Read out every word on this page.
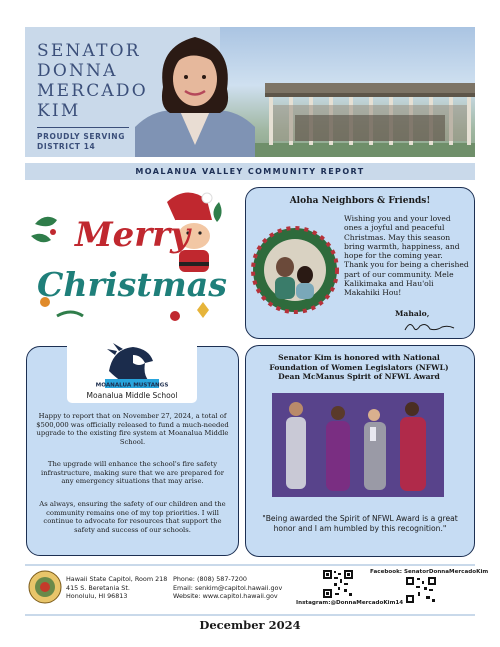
SENATOR
DONNA
MERCADO
KIM
PROUDLY SERVING
DISTRICT 14
MOALANUA VALLEY COMMUNITY REPORT
Merry
Christmas
Aloha Neighbors & Friends!
Wishing you and your loved ones a joyful and peaceful Christmas. May this season bring warmth, happiness, and hope for the coming year. Thank you for being a cherished part of our community. Mele Kalikimaka and Hau'oli Makahiki Hou!
Mahalo,
MOANALUA MUSTANGS
Moanalua Middle School
Happy to report that on November 27, 2024, a total of $500,000 was officially released to fund a much-needed upgrade to the existing fire system at Moanalua Middle School.
The upgrade will enhance the school's fire safety infrastructure, making sure that we are prepared for any emergency situations that may arise.
As always, ensuring the safety of our children and the community remains one of my top priorities. I will continue to advocate for resources that support the safety and success of our schools.
Senator Kim is honored with National
Foundation of Women Legislators (NFWL)
Dean McManus Spirit of NFWL Award
"Being awarded the Spirit of NFWL Award is a great honor and I am humbled by this recognition."
Hawaii State Capitol, Room 218
415 S. Beretania St.
Honolulu, HI 96813
Phone: (808) 587-7200
Email: senkim@capitol.hawaii.gov
Website: www.capitol.hawaii.gov
Facebook: SenatorDonnaMercadoKim
Instagram:@DonnaMercadoKim14
December 2024
